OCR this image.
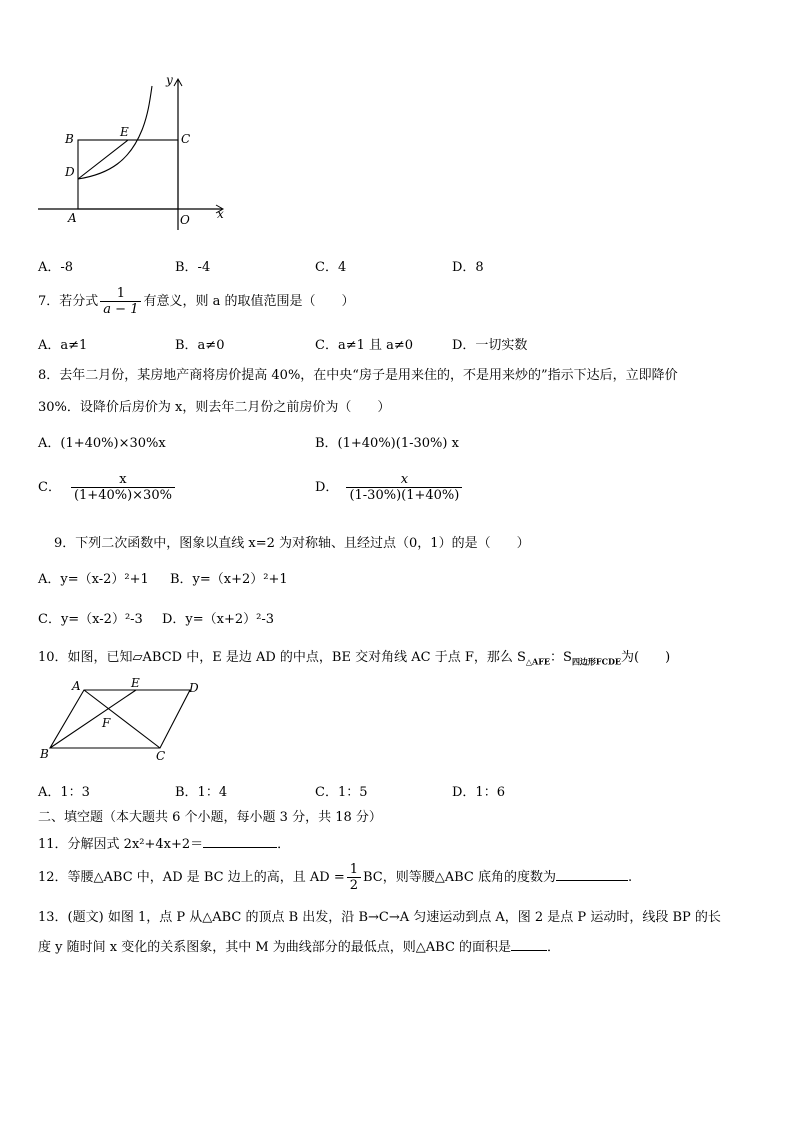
y
x
B	E	C
D
A	O
A．-8	B．-4	C．4	D．8
7．若分式 $\frac{1}{a - 1}$ 有意义，则 a 的取值范围是（　　）
A．a≠1	B．a≠0	C．a≠1 且 a≠0	D．一切实数
8．去年二月份，某房地产商将房价提高 40%，在中央“房子是用来住的，不是用来炒的”指示下达后，立即降价
30%．设降价后房价为 x，则去年二月份之前房价为（　　）
A．(1+40%)×30%x	B．(1+40%)(1-30%) x
C． $\frac{x}{(1+40\%)\times 30\%}$	D． $\frac{x}{(1-30\%)(1+40\%)}$
9．下列二次函数中，图象以直线 x=2 为对称轴、且经过点（0，1）的是（　　）
A．y=（x-2）²+1 B．y=（x+2）²+1
C．y=（x-2）²-3 D．y=（x+2）²-3
10．如图，已知▱ABCD 中，E 是边 AD 的中点，BE 交对角线 AC 于点 F，那么 $S_{\triangle AFE}$：$S_{四边形FCDE}$为(　　)
A	E	D
F
B	C
A．1：3	B．1：4	C．1：5	D．1：6
二、填空题（本大题共 6 个小题，每小题 3 分，共 18 分）
11．分解因式 2x²+4x+2＝	．
12．等腰△ABC 中，AD 是 BC 边上的高，且 AD = $\frac{1}{2}$ BC，则等腰△ABC 底角的度数为	.
13．(题文) 如图 1，点 P 从△ABC 的顶点 B 出发，沿 B→C→A 匀速运动到点 A，图 2 是点 P 运动时，线段 BP 的长
度 y 随时间 x 变化的关系图象，其中 M 为曲线部分的最低点，则△ABC 的面积是	．
